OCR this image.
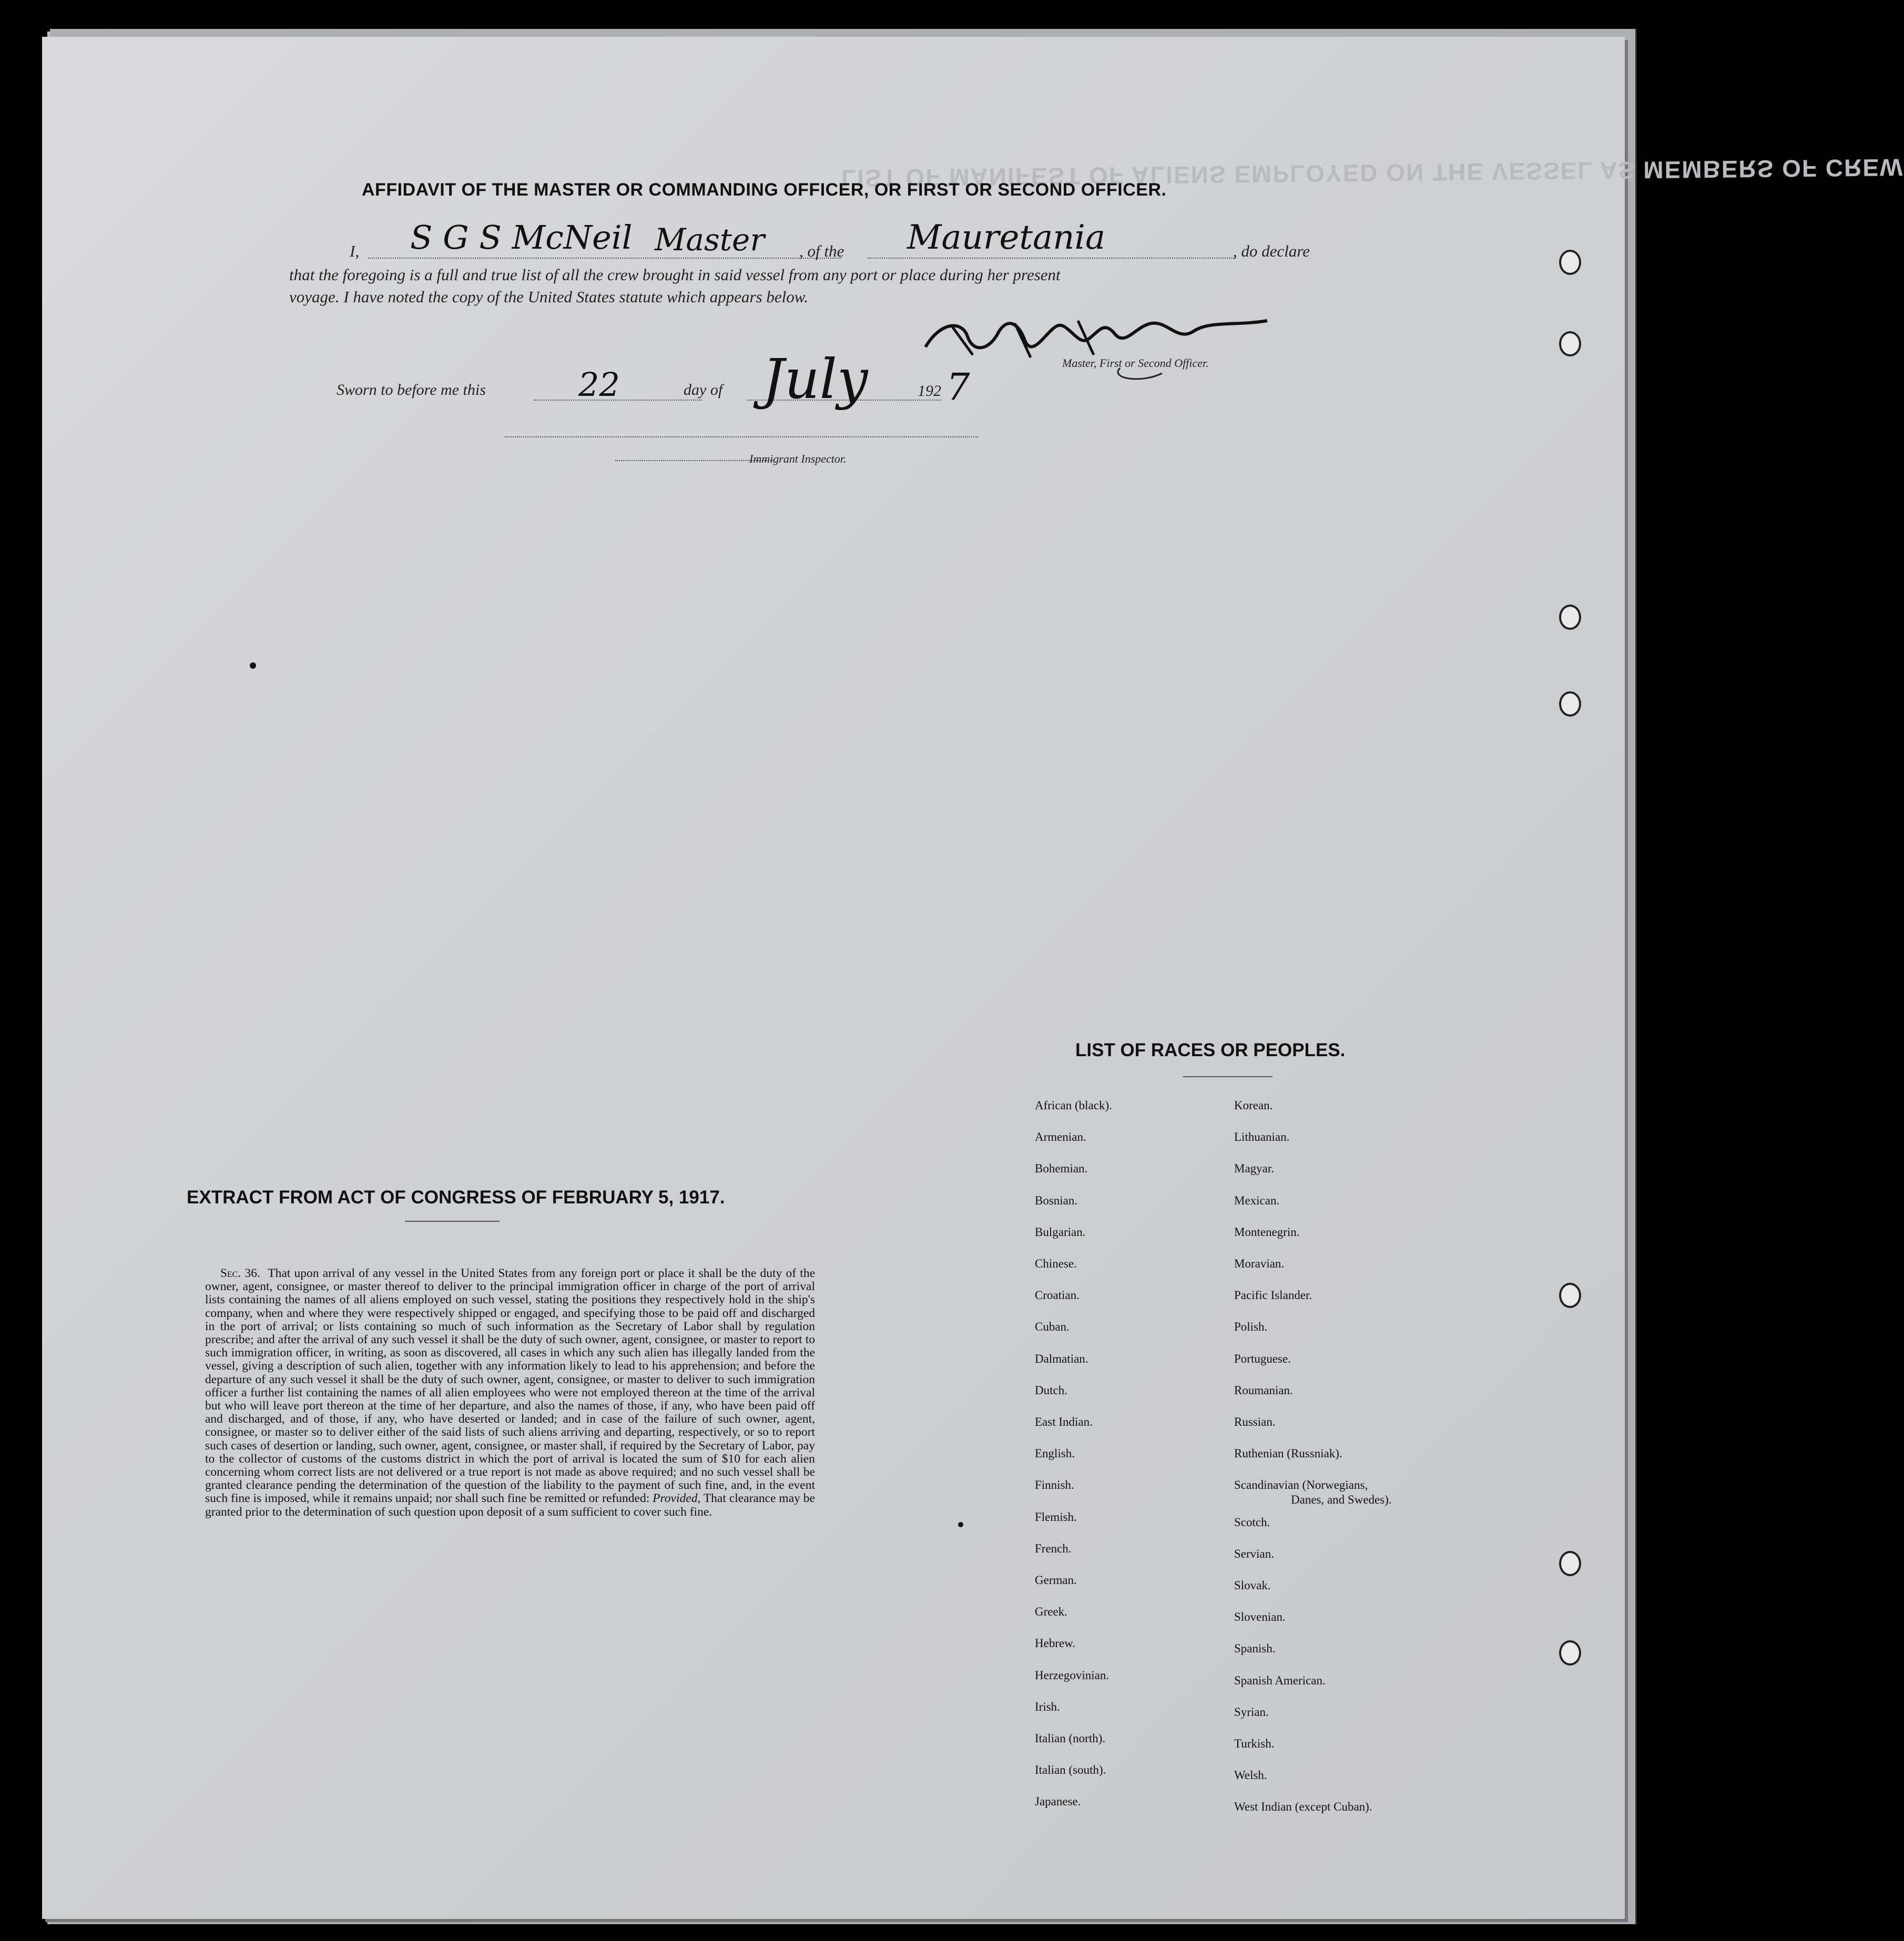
LIST OF MANIFEST OF ALIENS EMPLOYED ON THE VESSEL AS MEMBERS OF CREW
AFFIDAVIT OF THE MASTER OR COMMANDING OFFICER, OR FIRST OR SECOND OFFICER.
I, S G S McNeil Master , of the Mauretania	, do declare
that the foregoing is a full and true list of all the crew brought in said vessel from any port or place during her present
voyage. I have noted the copy of the United States statute which appears below.
Master, First or Second Officer.
Sworn to before me this	22	day of July	192 7
Immigrant Inspector.
EXTRACT FROM ACT OF CONGRESS OF FEBRUARY 5, 1917.
Sec. 36. That upon arrival of any vessel in the United States from any foreign port or place it shall be the duty of the owner, agent, consignee, or master thereof to deliver to the principal immigration officer in charge of the port of arrival lists containing the names of all aliens employed on such vessel, stating the positions they respectively hold in the ship's company, when and where they were respectively shipped or engaged, and specifying those to be paid off and discharged in the port of arrival; or lists containing so much of such information as the Secretary of Labor shall by regulation prescribe; and after the arrival of any such vessel it shall be the duty of such owner, agent, consignee, or master to report to such immigration officer, in writing, as soon as discovered, all cases in which any such alien has illegally landed from the vessel, giving a description of such alien, together with any information likely to lead to his apprehension; and before the departure of any such vessel it shall be the duty of such owner, agent, consignee, or master to deliver to such immigration officer a further list containing the names of all alien employees who were not employed thereon at the time of the arrival but who will leave port thereon at the time of her departure, and also the names of those, if any, who have been paid off and discharged, and of those, if any, who have deserted or landed; and in case of the failure of such owner, agent, consignee, or master so to deliver either of the said lists of such aliens arriving and departing, respectively, or so to report such cases of desertion or landing, such owner, agent, consignee, or master shall, if required by the Secretary of Labor, pay to the collector of customs of the customs district in which the port of arrival is located the sum of $10 for each alien concerning whom correct lists are not delivered or a true report is not made as above required; and no such vessel shall be granted clearance pending the determination of the question of the liability to the payment of such fine, and, in the event such fine is imposed, while it remains unpaid; nor shall such fine be remitted or refunded: Provided, That clearance may be granted prior to the determination of such question upon deposit of a sum sufficient to cover such fine.
LIST OF RACES OR PEOPLES.
African (black).
Armenian.
Bohemian.
Bosnian.
Bulgarian.
Chinese.
Croatian.
Cuban.
Dalmatian.
Dutch.
East Indian.
English.
Finnish.
Flemish.
French.
German.
Greek.
Hebrew.
Herzegovinian.
Irish.
Italian (north).
Italian (south).
Japanese.
Korean.
Lithuanian.
Magyar.
Mexican.
Montenegrin.
Moravian.
Pacific Islander.
Polish.
Portuguese.
Roumanian.
Russian.
Ruthenian (Russniak).
Scandinavian (Norwegians,
Scotch.
Servian.
Slovak.
Slovenian.
Spanish.
Spanish American.
Syrian.
Turkish.
Welsh.
West Indian (except Cuban).
Danes, and Swedes).
